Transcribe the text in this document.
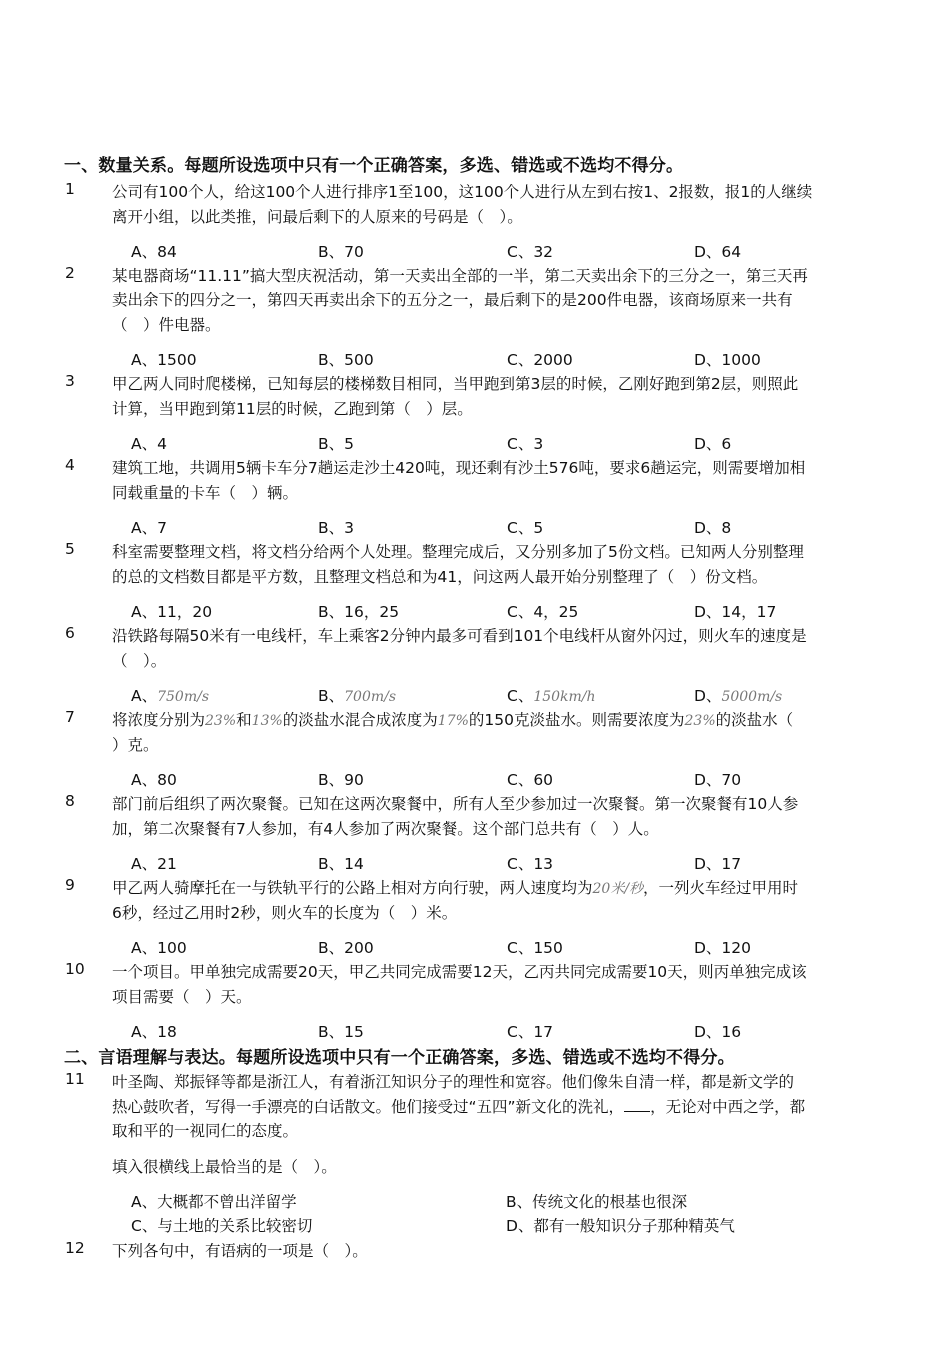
一、数量关系。每题所设选项中只有一个正确答案，多选、错选或不选均不得分。
1 公司有100个人，给这100个人进行排序1至100，这100个人进行从左到右按1、2报数，报1的人继续
离开小组，以此类推，问最后剩下的人原来的号码是（　）。
A、84	B、70	C、32	D、64
2 某电器商场“11.11”搞大型庆祝活动，第一天卖出全部的一半，第二天卖出余下的三分之一，第三天再
卖出余下的四分之一，第四天再卖出余下的五分之一，最后剩下的是200件电器，该商场原来一共有
（　）件电器。
A、1500	B、500	C、2000	D、1000
3 甲乙两人同时爬楼梯，已知每层的楼梯数目相同，当甲跑到第3层的时候，乙刚好跑到第2层，则照此
计算，当甲跑到第11层的时候，乙跑到第（　）层。
A、4	B、5	C、3	D、6
4 建筑工地，共调用5辆卡车分7趟运走沙土420吨，现还剩有沙土576吨，要求6趟运完，则需要增加相
同载重量的卡车（　）辆。
A、7	B、3	C、5	D、8
5 科室需要整理文档，将文档分给两个人处理。整理完成后，又分别多加了5份文档。已知两人分别整理
的总的文档数目都是平方数，且整理文档总和为41，问这两人最开始分别整理了（　）份文档。
A、11，20	B、16，25	C、4，25	D、14，17
6 沿铁路每隔50米有一电线杆，车上乘客2分钟内最多可看到101个电线杆从窗外闪过，则火车的速度是
（　）。
A、750m/s	B、700m/s	C、150km/h	D、5000m/s
7 将浓度分别为23%和13%的淡盐水混合成浓度为17%的150克淡盐水。则需要浓度为23%的淡盐水（
）克。
A、80	B、90	C、60	D、70
8 部门前后组织了两次聚餐。已知在这两次聚餐中，所有人至少参加过一次聚餐。第一次聚餐有10人参
加，第二次聚餐有7人参加，有4人参加了两次聚餐。这个部门总共有（　）人。
A、21	B、14	C、13	D、17
9 甲乙两人骑摩托在一与铁轨平行的公路上相对方向行驶，两人速度均为20米/秒，一列火车经过甲用时
6秒，经过乙用时2秒，则火车的长度为（　）米。
A、100	B、200	C、150	D、120
10 一个项目。甲单独完成需要20天，甲乙共同完成需要12天，乙丙共同完成需要10天，则丙单独完成该
项目需要（　）天。
A、18	B、15	C、17	D、16
二、言语理解与表达。每题所设选项中只有一个正确答案，多选、错选或不选均不得分。
11 叶圣陶、郑振铎等都是浙江人，有着浙江知识分子的理性和宽容。他们像朱自清一样，都是新文学的
热心鼓吹者，写得一手漂亮的白话散文。他们接受过“五四”新文化的洗礼， ，无论对中西之学，都
取和平的一视同仁的态度。
填入很横线上最恰当的是（　）。
A、大概都不曾出洋留学	B、传统文化的根基也很深
C、与土地的关系比较密切	D、都有一般知识分子那种精英气
12 下列各句中，有语病的一项是（　）。
